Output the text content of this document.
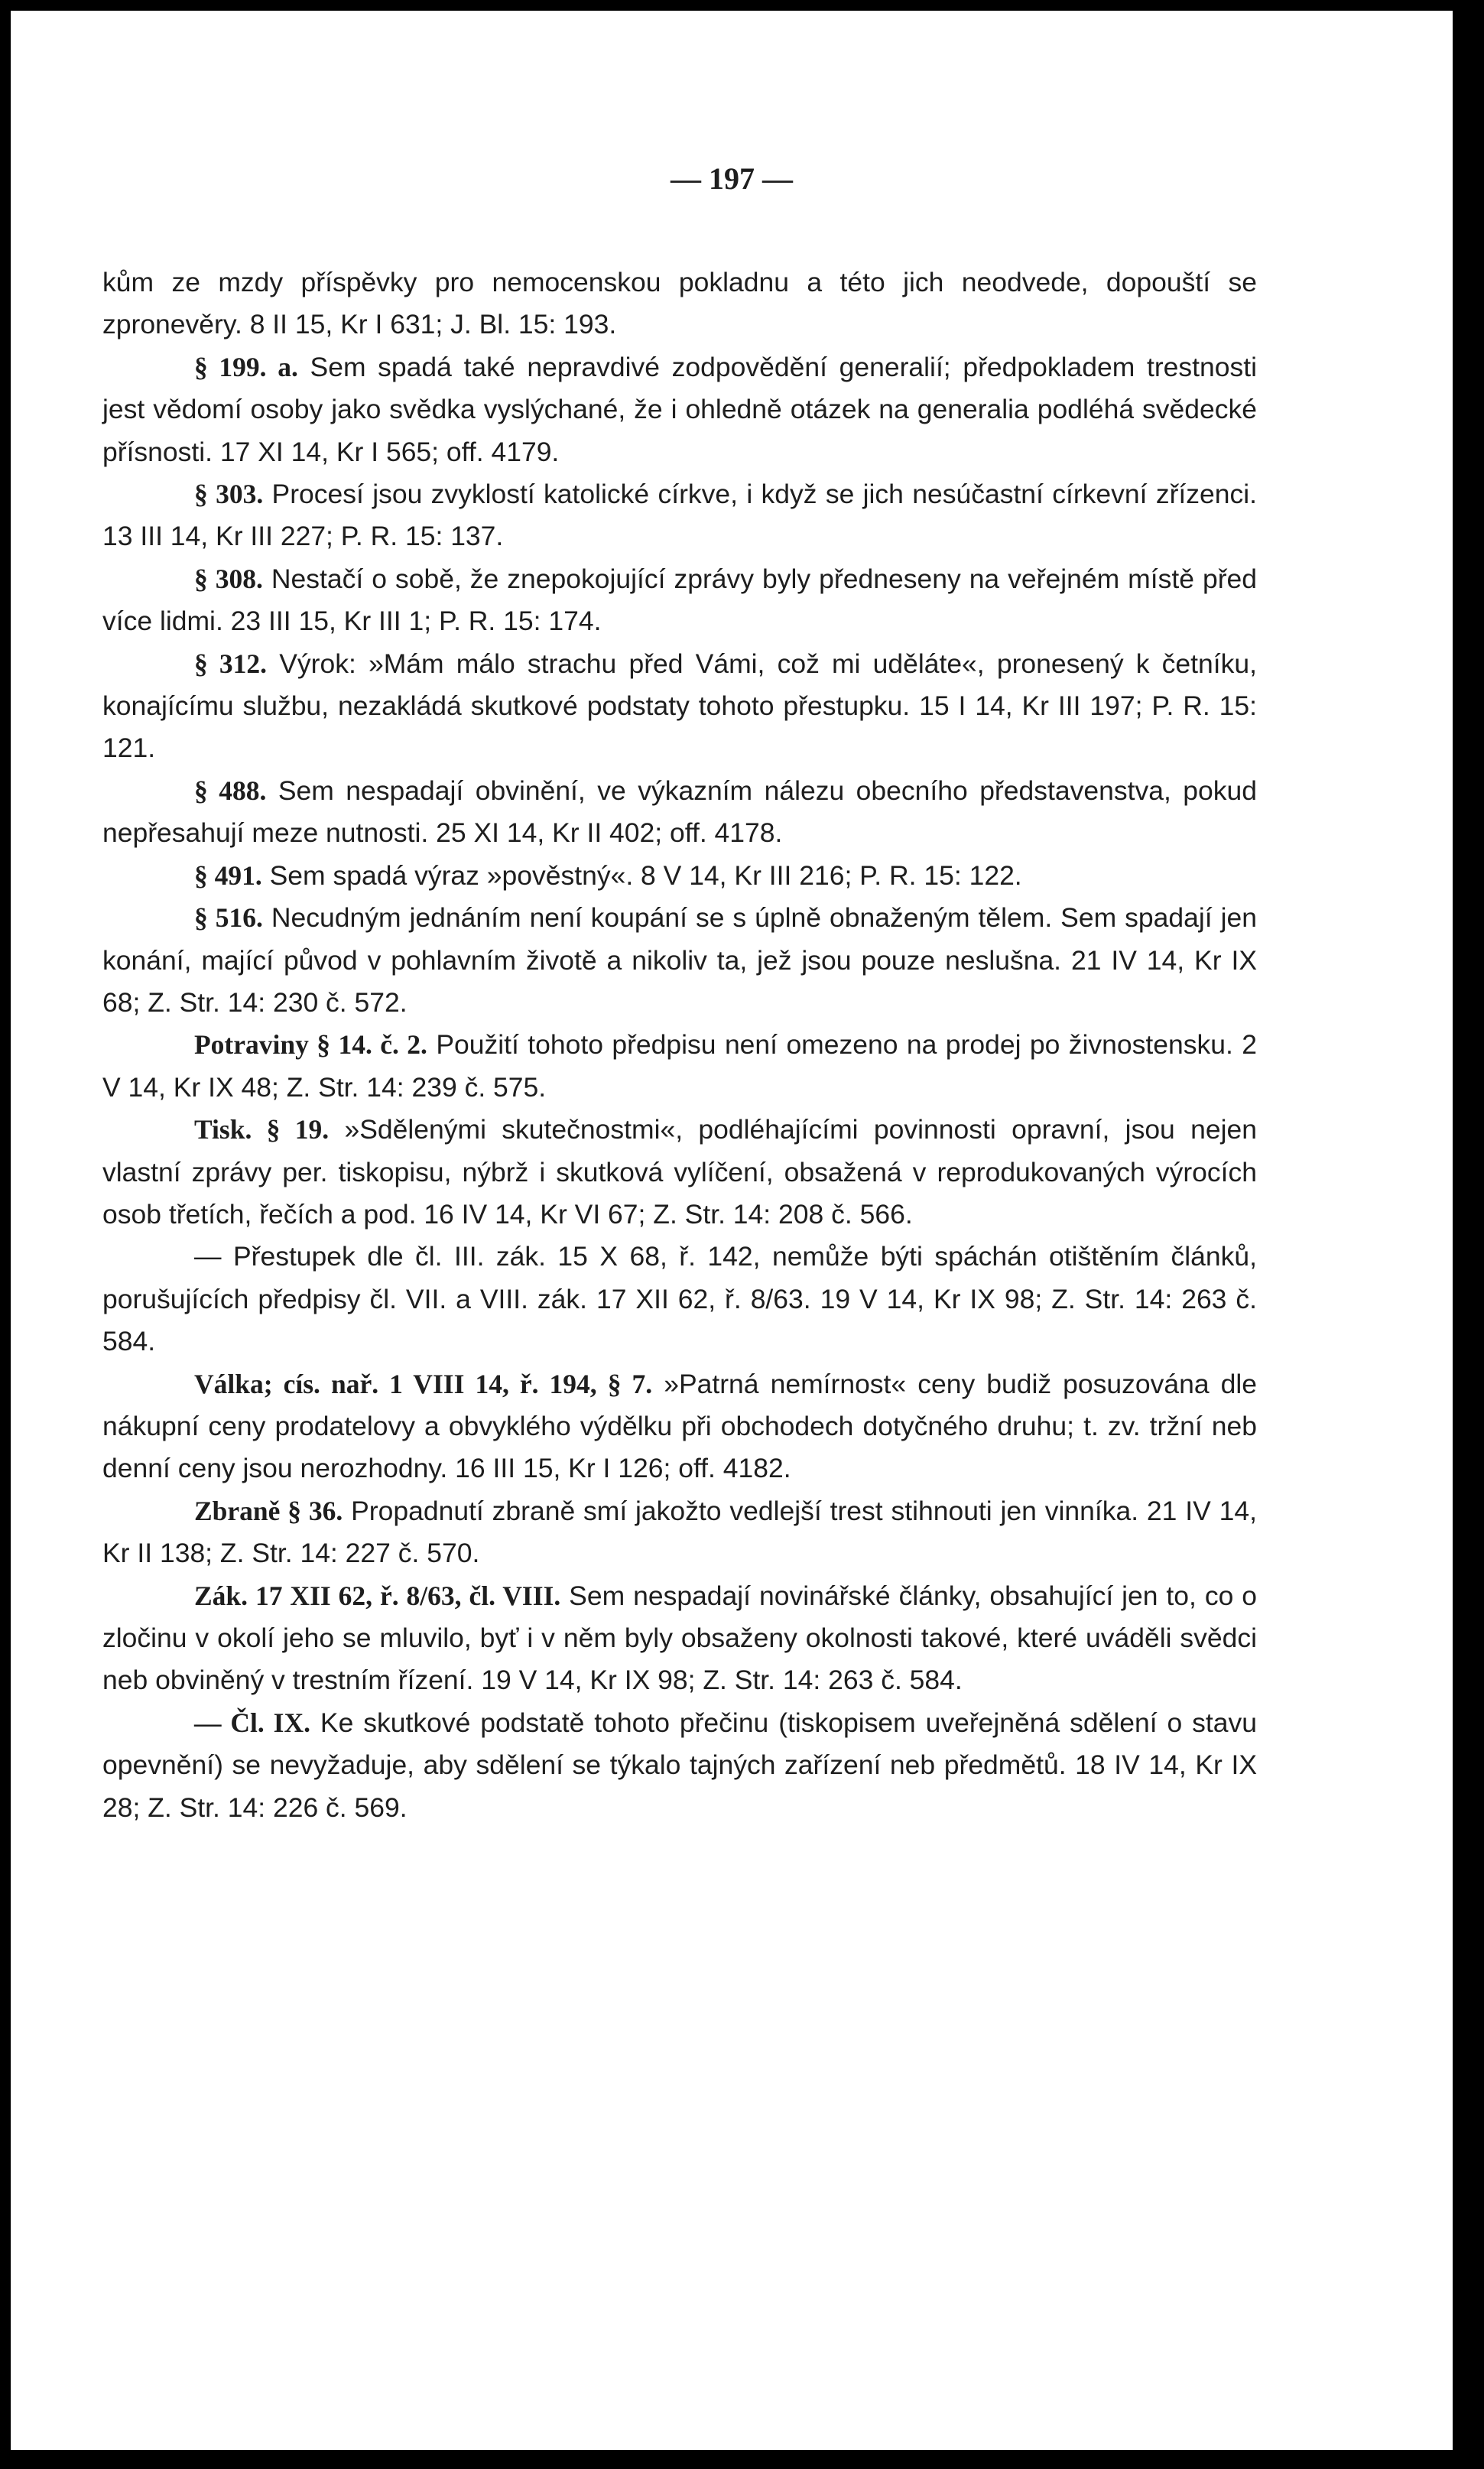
— 197 —

kům ze mzdy příspěvky pro nemocenskou pokladnu a této jich neodvede, dopouští se zpronevěry. 8 II 15, Kr I 631; J. Bl. 15: 193.

§ 199. a. Sem spadá také nepravdivé zodpovědění generalií; předpokladem trestnosti jest vědomí osoby jako svědka vyslýchané, že i ohledně otázek na generalia podléhá svědecké přísnosti. 17 XI 14, Kr I 565; off. 4179.

§ 303. Procesí jsou zvyklostí katolické církve, i když se jich nesúčastní církevní zřízenci. 13 III 14, Kr III 227; P. R. 15: 137.

§ 308. Nestačí o sobě, že znepokojující zprávy byly předneseny na veřejném místě před více lidmi. 23 III 15, Kr III 1; P. R. 15: 174.

§ 312. Výrok: »Mám málo strachu před Vámi, což mi uděláte«, pronesený k četníku, konajícímu službu, nezakládá skutkové podstaty tohoto přestupku. 15 I 14, Kr III 197; P. R. 15: 121.

§ 488. Sem nespadají obvinění, ve výkazním nálezu obecního představenstva, pokud nepřesahují meze nutnosti. 25 XI 14, Kr II 402; off. 4178.

§ 491. Sem spadá výraz »pověstný«. 8 V 14, Kr III 216; P. R. 15: 122.

§ 516. Necudným jednáním není koupání se s úplně obnaženým tělem. Sem spadají jen konání, mající původ v pohlavním životě a nikoliv ta, jež jsou pouze neslušna. 21 IV 14, Kr IX 68; Z. Str. 14: 230 č. 572.

Potraviny § 14. č. 2. Použití tohoto předpisu není omezeno na prodej po živnostensku. 2 V 14, Kr IX 48; Z. Str. 14: 239 č. 575.

Tisk. § 19. »Sdělenými skutečnostmi«, podléhajícími povinnosti opravní, jsou nejen vlastní zprávy per. tiskopisu, nýbrž i skutková vylíčení, obsažená v reprodukovaných výrocích osob třetích, řečích a pod. 16 IV 14, Kr VI 67; Z. Str. 14: 208 č. 566.

— Přestupek dle čl. III. zák. 15 X 68, ř. 142, nemůže býti spáchán otištěním článků, porušujících předpisy čl. VII. a VIII. zák. 17 XII 62, ř. 8/63. 19 V 14, Kr IX 98; Z. Str. 14: 263 č. 584.

Válka; cís. nař. 1 VIII 14, ř. 194, § 7. »Patrná nemírnost« ceny budiž posuzována dle nákupní ceny prodatelovy a obvyklého výdělku při obchodech dotyčného druhu; t. zv. tržní neb denní ceny jsou nerozhodny. 16 III 15, Kr I 126; off. 4182.

Zbraně § 36. Propadnutí zbraně smí jakožto vedlejší trest stihnouti jen vinníka. 21 IV 14, Kr II 138; Z. Str. 14: 227 č. 570.

Zák. 17 XII 62, ř. 8/63, čl. VIII. Sem nespadají novinářské články, obsahující jen to, co o zločinu v okolí jeho se mluvilo, byť i v něm byly obsaženy okolnosti takové, které uváděli svědci neb obviněný v trestním řízení. 19 V 14, Kr IX 98; Z. Str. 14: 263 č. 584.

— Čl. IX. Ke skutkové podstatě tohoto přečinu (tiskopisem uveřejněná sdělení o stavu opevnění) se nevyžaduje, aby sdělení se týkalo tajných zařízení neb předmětů. 18 IV 14, Kr IX 28; Z. Str. 14: 226 č. 569.
